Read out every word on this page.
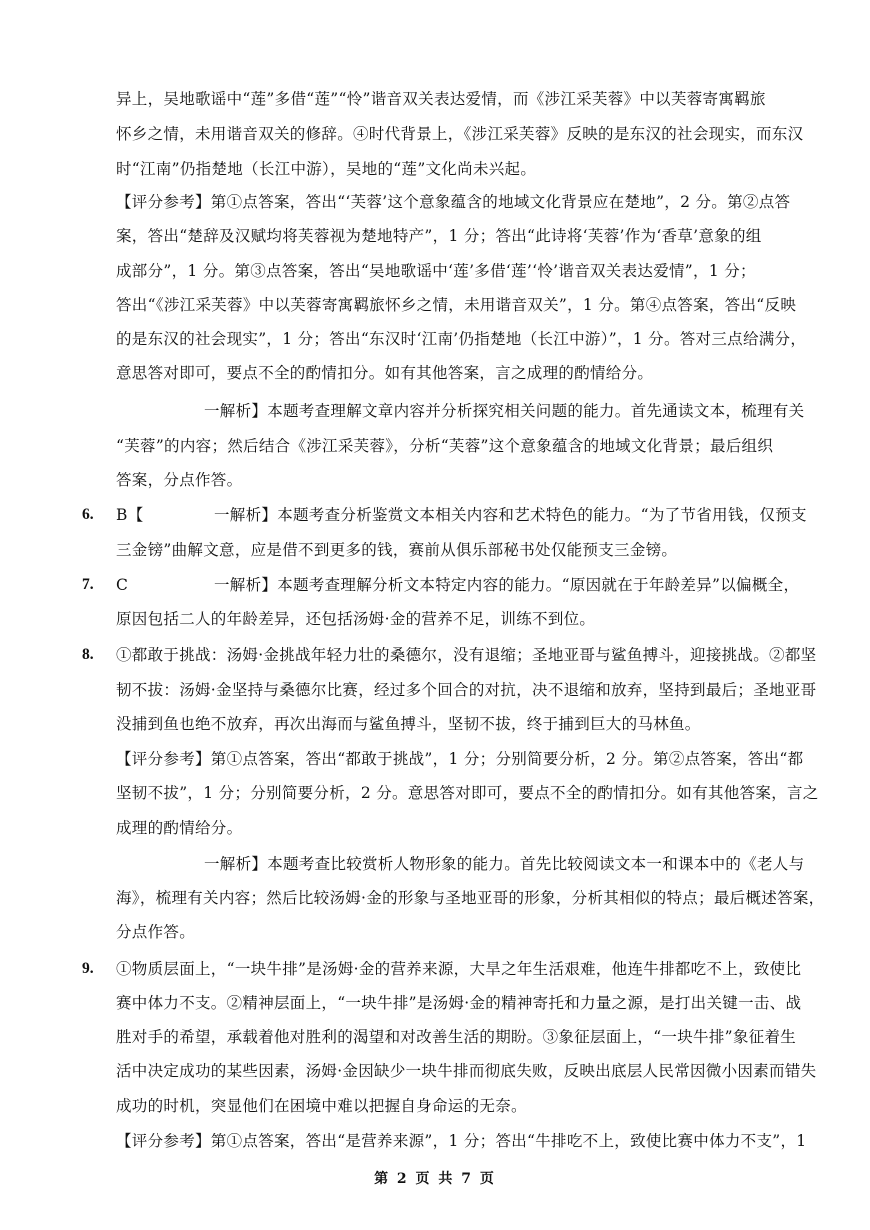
异上，吴地歌谣中“莲”多借“莲”“怜”谐音双关表达爱情，而《涉江采芙蓉》中以芙蓉寄寓羁旅
怀乡之情，未用谐音双关的修辞。④时代背景上，《涉江采芙蓉》反映的是东汉的社会现实，而东汉
时“江南”仍指楚地（长江中游），吴地的“莲”文化尚未兴起。
【评分参考】第①点答案，答出“‘芙蓉’这个意象蕴含的地域文化背景应在楚地”，2 分。第②点答
案，答出“楚辞及汉赋均将芙蓉视为楚地特产”，1 分；答出“此诗将‘芙蓉’作为‘香草’意象的组
成部分”，1 分。第③点答案，答出“吴地歌谣中‘莲’多借‘莲’‘怜’谐音双关表达爱情”，1 分；
答出“《涉江采芙蓉》中以芙蓉寄寓羁旅怀乡之情，未用谐音双关”，1 分。第④点答案，答出“反映
的是东汉的社会现实”，1 分；答出“东汉时‘江南’仍指楚地（长江中游）”，1 分。答对三点给满分，
意思答对即可，要点不全的酌情扣分。如有其他答案，言之成理的酌情给分。
一解析】本题考查理解文章内容并分析探究相关问题的能力。首先通读文本，梳理有关
“芙蓉”的内容；然后结合《涉江采芙蓉》，分析“芙蓉”这个意象蕴含的地域文化背景；最后组织
答案，分点作答。
6. B【	一解析】本题考查分析鉴赏文本相关内容和艺术特色的能力。“为了节省用钱，仅预支
三金镑”曲解文意，应是借不到更多的钱，赛前从俱乐部秘书处仅能预支三金镑。
7. C	一解析】本题考查理解分析文本特定内容的能力。“原因就在于年龄差异”以偏概全，
原因包括二人的年龄差异，还包括汤姆·金的营养不足，训练不到位。
8. ①都敢于挑战：汤姆·金挑战年轻力壮的桑德尔，没有退缩；圣地亚哥与鲨鱼搏斗，迎接挑战。②都坚
韧不拔：汤姆·金坚持与桑德尔比赛，经过多个回合的对抗，决不退缩和放弃，坚持到最后；圣地亚哥
没捕到鱼也绝不放弃，再次出海而与鲨鱼搏斗，坚韧不拔，终于捕到巨大的马林鱼。
【评分参考】第①点答案，答出“都敢于挑战”，1 分；分别简要分析，2 分。第②点答案，答出“都
坚韧不拔”，1 分；分别简要分析，2 分。意思答对即可，要点不全的酌情扣分。如有其他答案，言之
成理的酌情给分。
一解析】本题考查比较赏析人物形象的能力。首先比较阅读文本一和课本中的《老人与
海》，梳理有关内容；然后比较汤姆·金的形象与圣地亚哥的形象，分析其相似的特点；最后概述答案，
分点作答。
9. ①物质层面上，“一块牛排”是汤姆·金的营养来源，大旱之年生活艰难，他连牛排都吃不上，致使比
赛中体力不支。②精神层面上，“一块牛排”是汤姆·金的精神寄托和力量之源，是打出关键一击、战
胜对手的希望，承载着他对胜利的渴望和对改善生活的期盼。③象征层面上，“一块牛排”象征着生
活中决定成功的某些因素，汤姆·金因缺少一块牛排而彻底失败，反映出底层人民常因微小因素而错失
成功的时机，突显他们在困境中难以把握自身命运的无奈。
【评分参考】第①点答案，答出“是营养来源”，1 分；答出“牛排吃不上，致使比赛中体力不支”，1
第 2 页 共 7 页
